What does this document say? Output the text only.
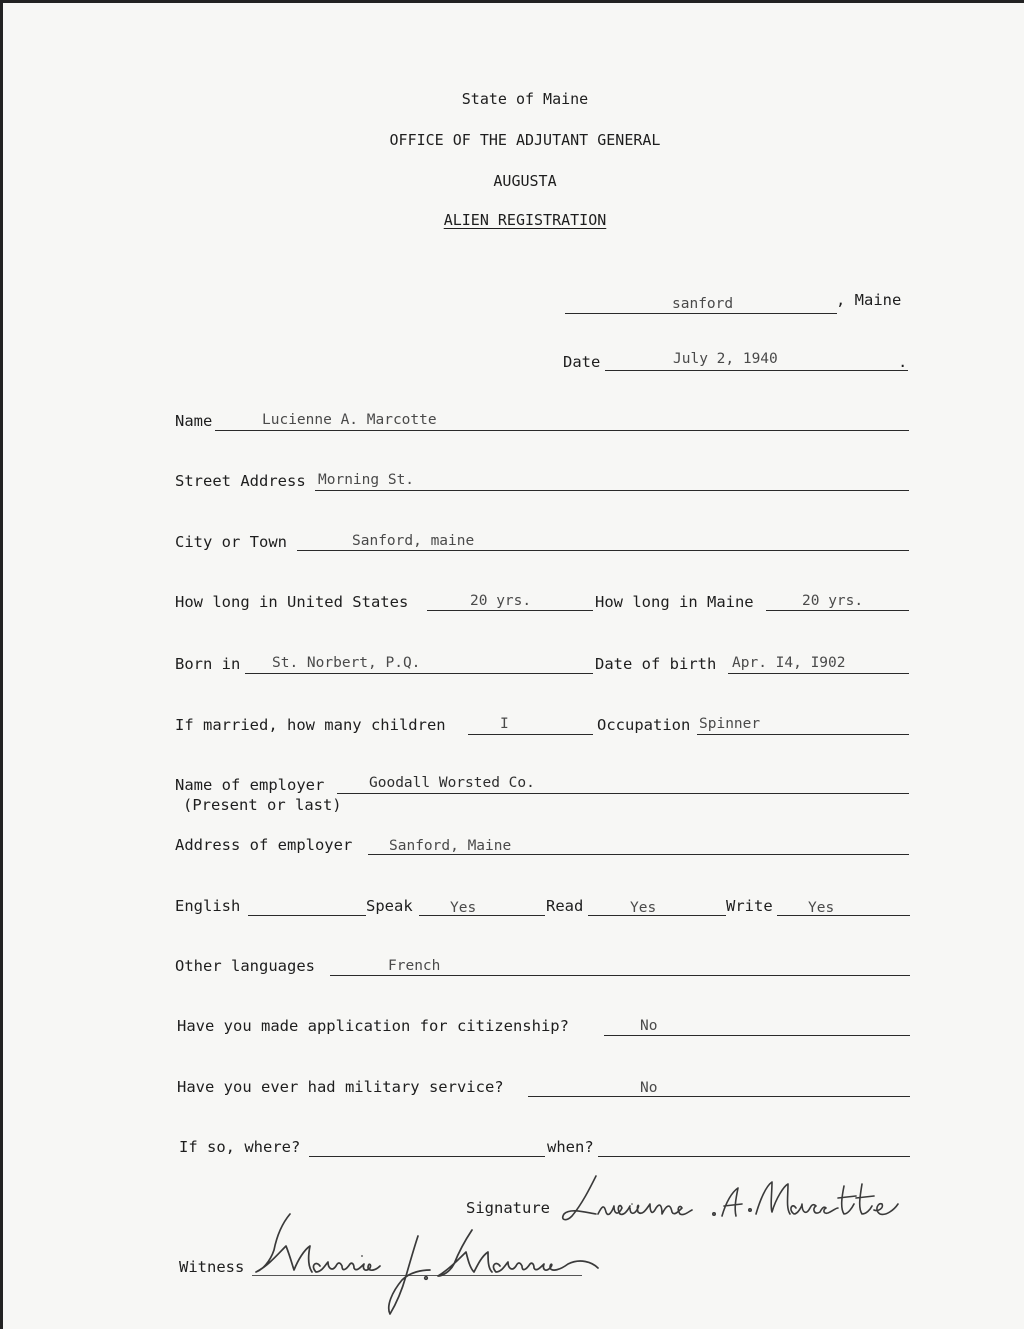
State of Maine
OFFICE OF THE ADJUTANT GENERAL
AUGUSTA
ALIEN REGISTRATION
sanford	, Maine
Date	July 2, 1940	.
Name	Lucienne A. Marcotte
Street Address Morning St.
City or Town	Sanford, maine
How long in United States	20 yrs.	How long in Maine	20 yrs.
Born in St. Norbert, P.Q.	Date of birth Apr. I4, I902
If married, how many children	I	Occupation Spinner
Name of employer
(Present or last)
Goodall Worsted Co.
Address of employer	Sanford, Maine
English	Speak	Yes	Read	Yes	Write Yes
Other languages	French
Have you made application for citizenship?	No
Have you ever had military service?	No
If so, where?	when?
Signature
Witness
